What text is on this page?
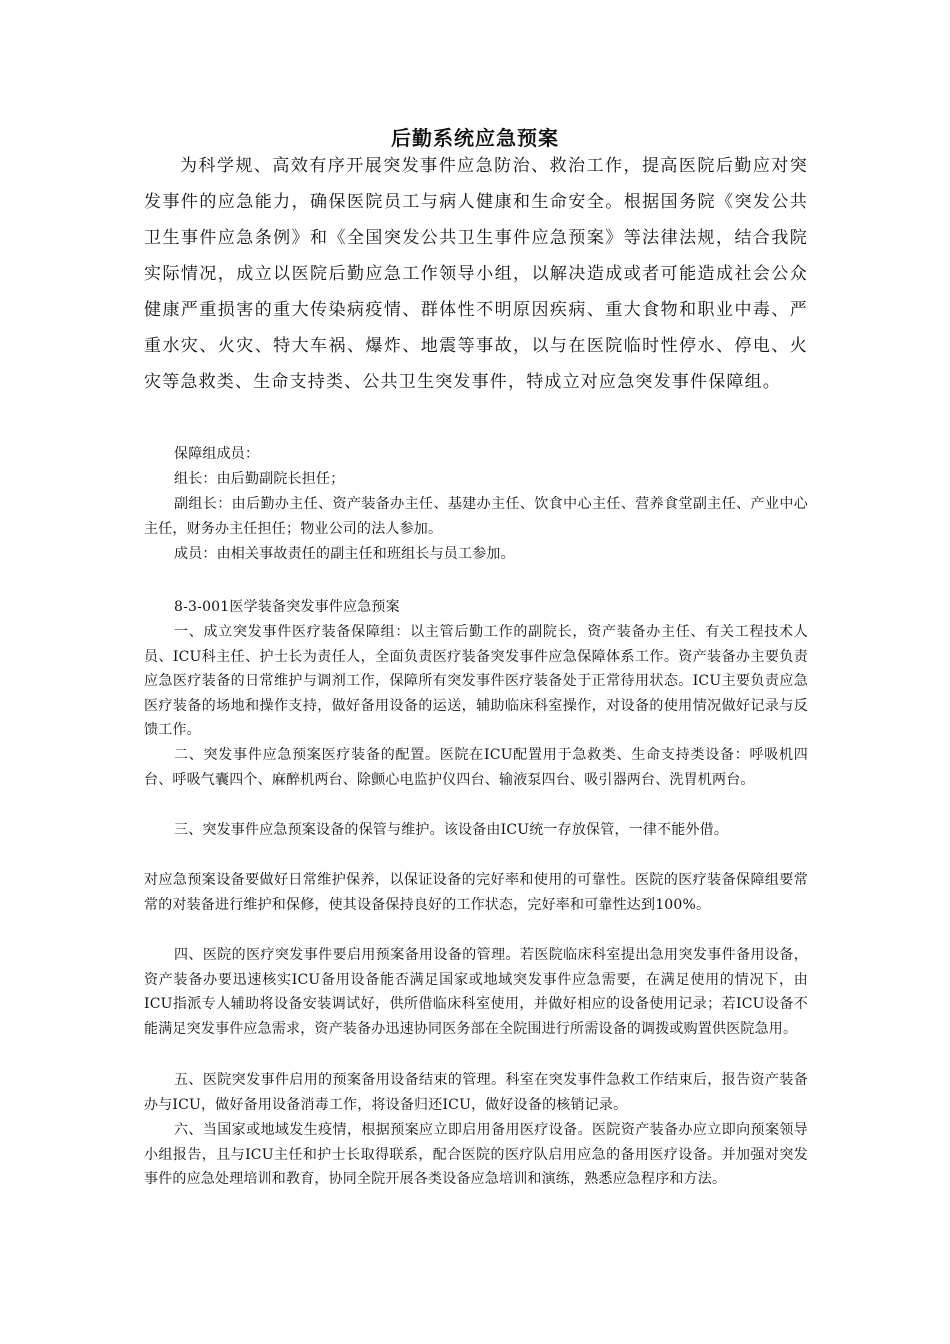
后勤系统应急预案

为科学规、高效有序开展突发事件应急防治、救治工作，提高医院后勤应对突发事件的应急能力，确保医院员工与病人健康和生命安全。根据国务院《突发公共卫生事件应急条例》和《全国突发公共卫生事件应急预案》等法律法规，结合我院实际情况，成立以医院后勤应急工作领导小组，以解决造成或者可能造成社会公众健康严重损害的重大传染病疫情、群体性不明原因疾病、重大食物和职业中毒、严重水灾、火灾、特大车祸、爆炸、地震等事故，以与在医院临时性停水、停电、火灾等急救类、生命支持类、公共卫生突发事件，特成立对应急突发事件保障组。

保障组成员：

组长：由后勤副院长担任；

副组长：由后勤办主任、资产装备办主任、基建办主任、饮食中心主任、营养食堂副主任、产业中心主任，财务办主任担任；物业公司的法人参加。

成员：由相关事故责任的副主任和班组长与员工参加。

8-3-001医学装备突发事件应急预案

一、成立突发事件医疗装备保障组：以主管后勤工作的副院长，资产装备办主任、有关工程技术人员、ICU科主任、护士长为责任人，全面负责医疗装备突发事件应急保障体系工作。资产装备办主要负责应急医疗装备的日常维护与调剂工作，保障所有突发事件医疗装备处于正常待用状态。ICU主要负责应急医疗装备的场地和操作支持，做好备用设备的运送，辅助临床科室操作，对设备的使用情况做好记录与反馈工作。

二、突发事件应急预案医疗装备的配置。医院在ICU配置用于急救类、生命支持类设备：呼吸机四台、呼吸气囊四个、麻醉机两台、除颤心电监护仪四台、输液泵四台、吸引器两台、洗胃机两台。

三、突发事件应急预案设备的保管与维护。该设备由ICU统一存放保管，一律不能外借。

对应急预案设备要做好日常维护保养，以保证设备的完好率和使用的可靠性。医院的医疗装备保障组要常常的对装备进行维护和保修，使其设备保持良好的工作状态，完好率和可靠性达到100%。

四、医院的医疗突发事件要启用预案备用设备的管理。若医院临床科室提出急用突发事件备用设备，资产装备办要迅速核实ICU备用设备能否满足国家或地域突发事件应急需要，在满足使用的情况下，由ICU指派专人辅助将设备安装调试好，供所借临床科室使用，并做好相应的设备使用记录；若ICU设备不能满足突发事件应急需求，资产装备办迅速协同医务部在全院围进行所需设备的调拨或购置供医院急用。

五、医院突发事件启用的预案备用设备结束的管理。科室在突发事件急救工作结束后，报告资产装备办与ICU，做好备用设备消毒工作，将设备归还ICU，做好设备的核销记录。

六、当国家或地域发生疫情，根据预案应立即启用备用医疗设备。医院资产装备办应立即向预案领导小组报告，且与ICU主任和护士长取得联系，配合医院的医疗队启用应急的备用医疗设备。并加强对突发事件的应急处理培训和教育，协同全院开展各类设备应急培训和演练，熟悉应急程序和方法。
